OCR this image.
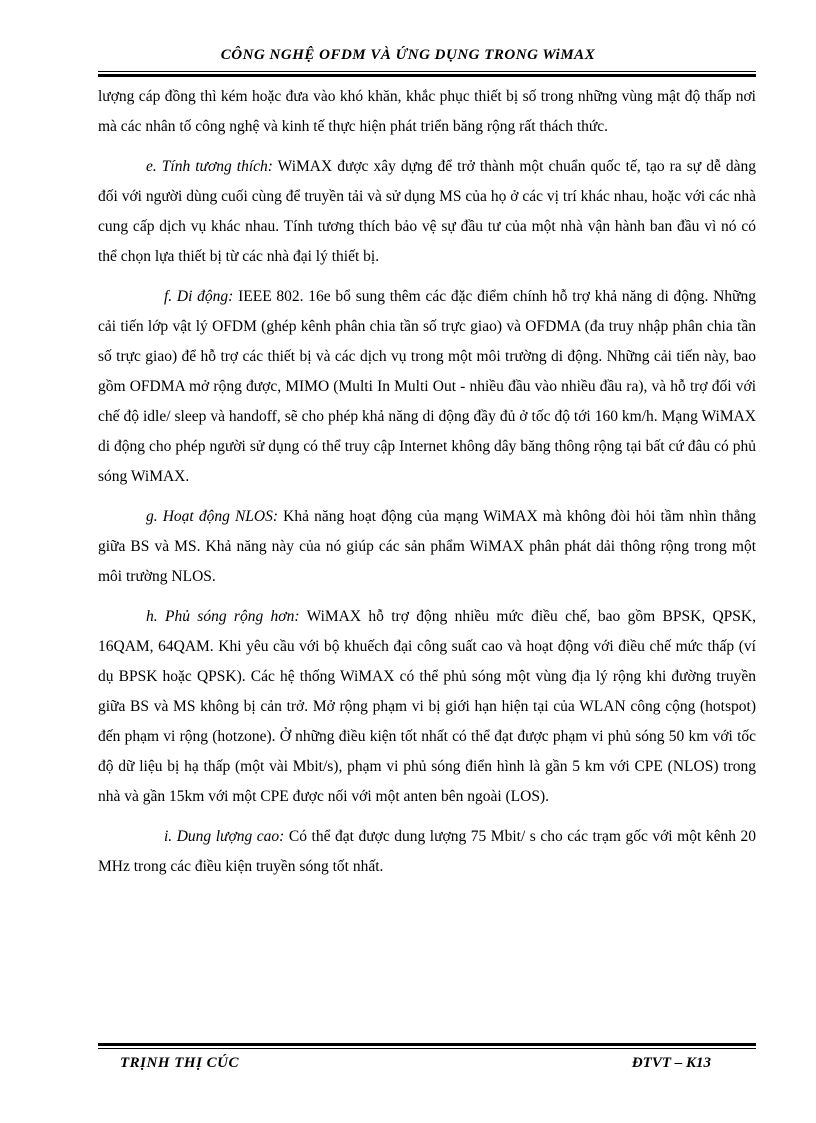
CÔNG NGHỆ OFDM VÀ ỨNG DỤNG TRONG WiMAX

lượng cáp đồng thì kém hoặc đưa vào khó khăn, khắc phục thiết bị số trong những vùng mật độ thấp nơi mà các nhân tố công nghệ và kinh tế thực hiện phát triển băng rộng rất thách thức.

e. Tính tương thích: WiMAX được xây dựng để trở thành một chuẩn quốc tế, tạo ra sự dễ dàng đối với người dùng cuối cùng để truyền tải và sử dụng MS của họ ở các vị trí khác nhau, hoặc với các nhà cung cấp dịch vụ khác nhau. Tính tương thích bảo vệ sự đầu tư của một nhà vận hành ban đầu vì nó có thể chọn lựa thiết bị từ các nhà đại lý thiết bị.

f. Di động: IEEE 802. 16e bổ sung thêm các đặc điểm chính hỗ trợ khả năng di động. Những cải tiến lớp vật lý OFDM (ghép kênh phân chia tần số trực giao) và OFDMA (đa truy nhập phân chia tần số trực giao) để hỗ trợ các thiết bị và các dịch vụ trong một môi trường di động. Những cải tiến này, bao gồm OFDMA mở rộng được, MIMO (Multi In Multi Out - nhiều đầu vào nhiều đầu ra), và hỗ trợ đối với chế độ idle/ sleep và handoff, sẽ cho phép khả năng di động đầy đủ ở tốc độ tới 160 km/h. Mạng WiMAX di động cho phép người sử dụng có thể truy cập Internet không dây băng thông rộng tại bất cứ đâu có phủ sóng WiMAX.

g. Hoạt động NLOS: Khả năng hoạt động của mạng WiMAX mà không đòi hỏi tầm nhìn thẳng giữa BS và MS. Khả năng này của nó giúp các sản phẩm WiMAX phân phát dải thông rộng trong một môi trường NLOS.

h. Phủ sóng rộng hơn: WiMAX hỗ trợ động nhiều mức điều chế, bao gồm BPSK, QPSK, 16QAM, 64QAM. Khi yêu cầu với bộ khuếch đại công suất cao và hoạt động với điều chế mức thấp (ví dụ BPSK hoặc QPSK). Các hệ thống WiMAX có thể phủ sóng một vùng địa lý rộng khi đường truyền giữa BS và MS không bị cản trở. Mở rộng phạm vi bị giới hạn hiện tại của WLAN công cộng (hotspot) đến phạm vi rộng (hotzone). Ở những điều kiện tốt nhất có thể đạt được phạm vi phủ sóng 50 km với tốc độ dữ liệu bị hạ thấp (một vài Mbit/s), phạm vi phủ sóng điển hình là gần 5 km với CPE (NLOS) trong nhà và gần 15km với một CPE được nối với một anten bên ngoài (LOS).

i. Dung lượng cao: Có thể đạt được dung lượng 75 Mbit/ s cho các trạm gốc với một kênh 20 MHz trong các điều kiện truyền sóng tốt nhất.

TRỊNH THỊ CÚC	ĐTVT – K13
